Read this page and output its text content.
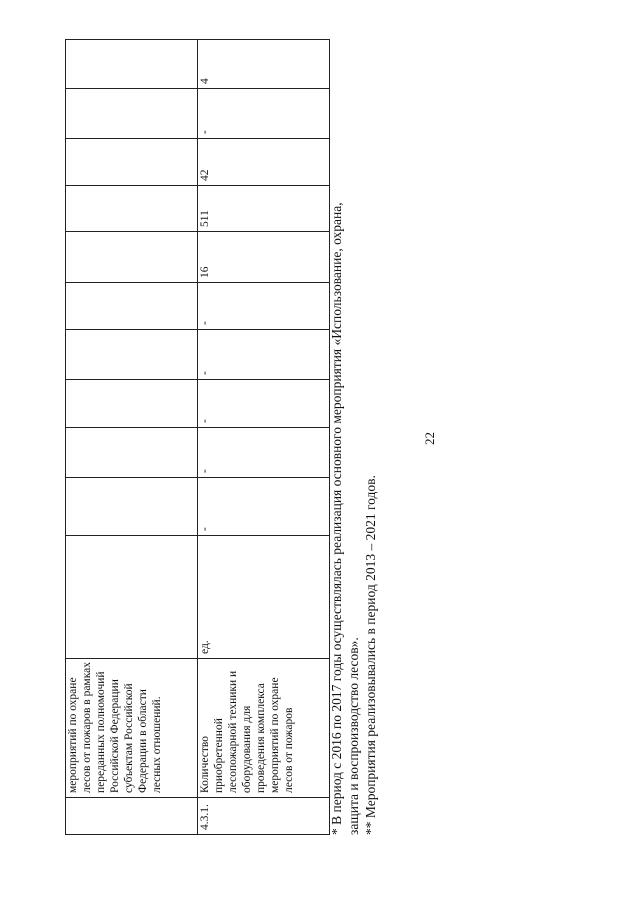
22
	мероприятий по охране лесов от пожаров в рамках переданных полномочий Российской Федерации субъектам Российской Федерации в области лесных отношений.											
4.3.1.	Количество приобретенной лесопожарной техники и оборудования для проведения комплекса мероприятий по охране лесов от пожаров	ед.	-	-	-	-	-	16	511	42	-	4

* В период с 2016 по 2017 годы осуществлялась реализация основного мероприятия «Использование, охрана, защита и воспроизводство лесов». ** Мероприятия реализовывались в период 2013 – 2021 годов.
